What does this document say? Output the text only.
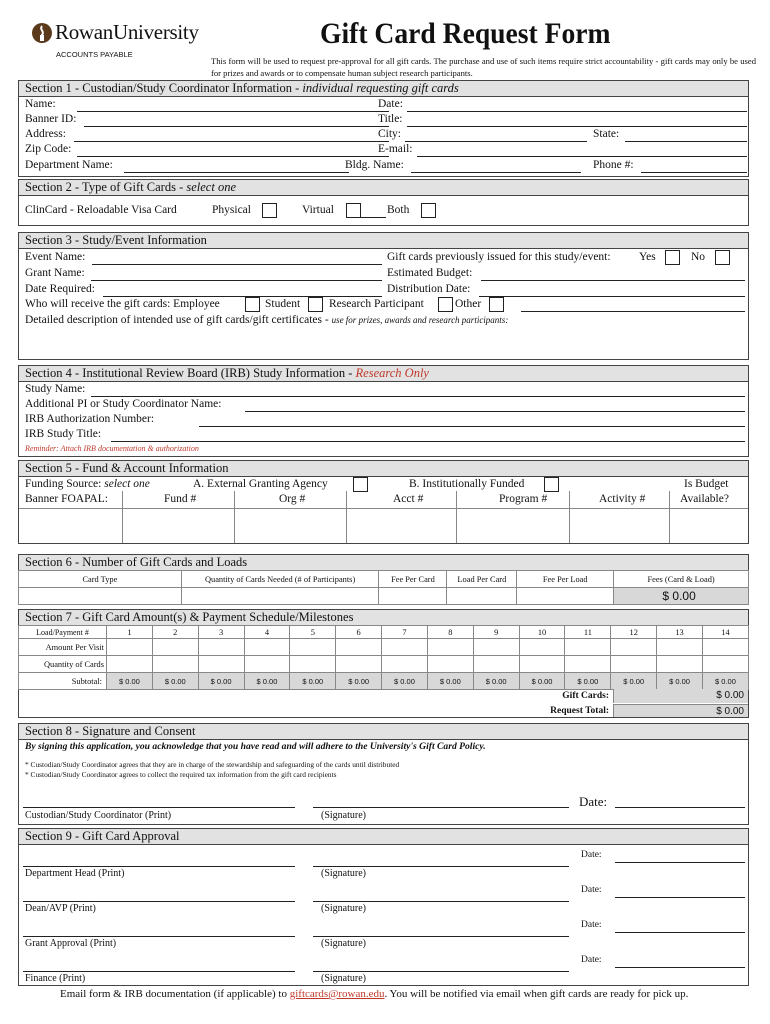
RowanUniversity
ACCOUNTS PAYABLE
Gift Card Request Form
This form will be used to request pre-approval for all gift cards. The purchase and use of such items require strict accountability - gift cards may only be used for prizes and awards or to compensate human subject research participants.
Section 1 - Custodian/Study Coordinator Information - individual requesting gift cards
Name:	Date:
Banner ID:	Title:
Address:	City:	State:
Zip Code:	E-mail:
Department Name:	Bldg. Name:	Phone #:
Section 2 - Type of Gift Cards - select one
ClinCard - Reloadable Visa Card	Physical	Virtual	Both
Section 3 - Study/Event Information
Event Name:	Gift cards previously issued for this study/event: Yes	No
Grant Name:	Estimated Budget:
Date Required:	Distribution Date:
Who will receive the gift cards: Employee	Student	Research Participant	Other
Detailed description of intended use of gift cards/gift certificates - use for prizes, awards and research participants:
Section 4 - Institutional Review Board (IRB) Study Information - Research Only
Study Name:
Additional PI or Study Coordinator Name:
IRB Authorization Number:
IRB Study Title:
Reminder: Attach IRB documentation & authorization
Section 5 - Fund & Account Information
Funding Source: select one	A. External Granting Agency	B. Institutionally Funded	Is Budget
Banner FOAPAL:	Fund #	Org #	Acct #	Program #	Activity #	Available?
Section 6 - Number of Gift Cards and Loads
Card Type	Quantity of Cards Needed (# of Participants)	Fee Per Card	Load Per Card	Fee Per Load	Fees (Card & Load)
					$ 0.00
Section 7 - Gift Card Amount(s) & Payment Schedule/Milestones
Load/Payment #	1	2	3	4	5	6	7	8	9	10	11	12	13	14
Amount Per Visit														
Quantity of Cards														
Subtotal:	$ 0.00	$ 0.00	$ 0.00	$ 0.00	$ 0.00	$ 0.00	$ 0.00	$ 0.00	$ 0.00	$ 0.00	$ 0.00	$ 0.00	$ 0.00	$ 0.00
Gift Cards:	$ 0.00
Request Total:	$ 0.00
Section 8 - Signature and Consent
By signing this application, you acknowledge that you have read and will adhere to the University's Gift Card Policy.
* Custodian/Study Coordinator agrees that they are in charge of the stewardship and safeguarding of the cards until distributed
* Custodian/Study Coordinator agrees to collect the required tax information from the gift card recipients
Date:
Custodian/Study Coordinator (Print)	(Signature)
Section 9 - Gift Card Approval
Date:
Department Head (Print)	(Signature)
Date:
Dean/AVP (Print)	(Signature)
Date:
Grant Approval (Print)	(Signature)
Date:
Finance (Print)	(Signature)
Email form & IRB documentation (if applicable) to giftcards@rowan.edu. You will be notified via email when gift cards are ready for pick up.
